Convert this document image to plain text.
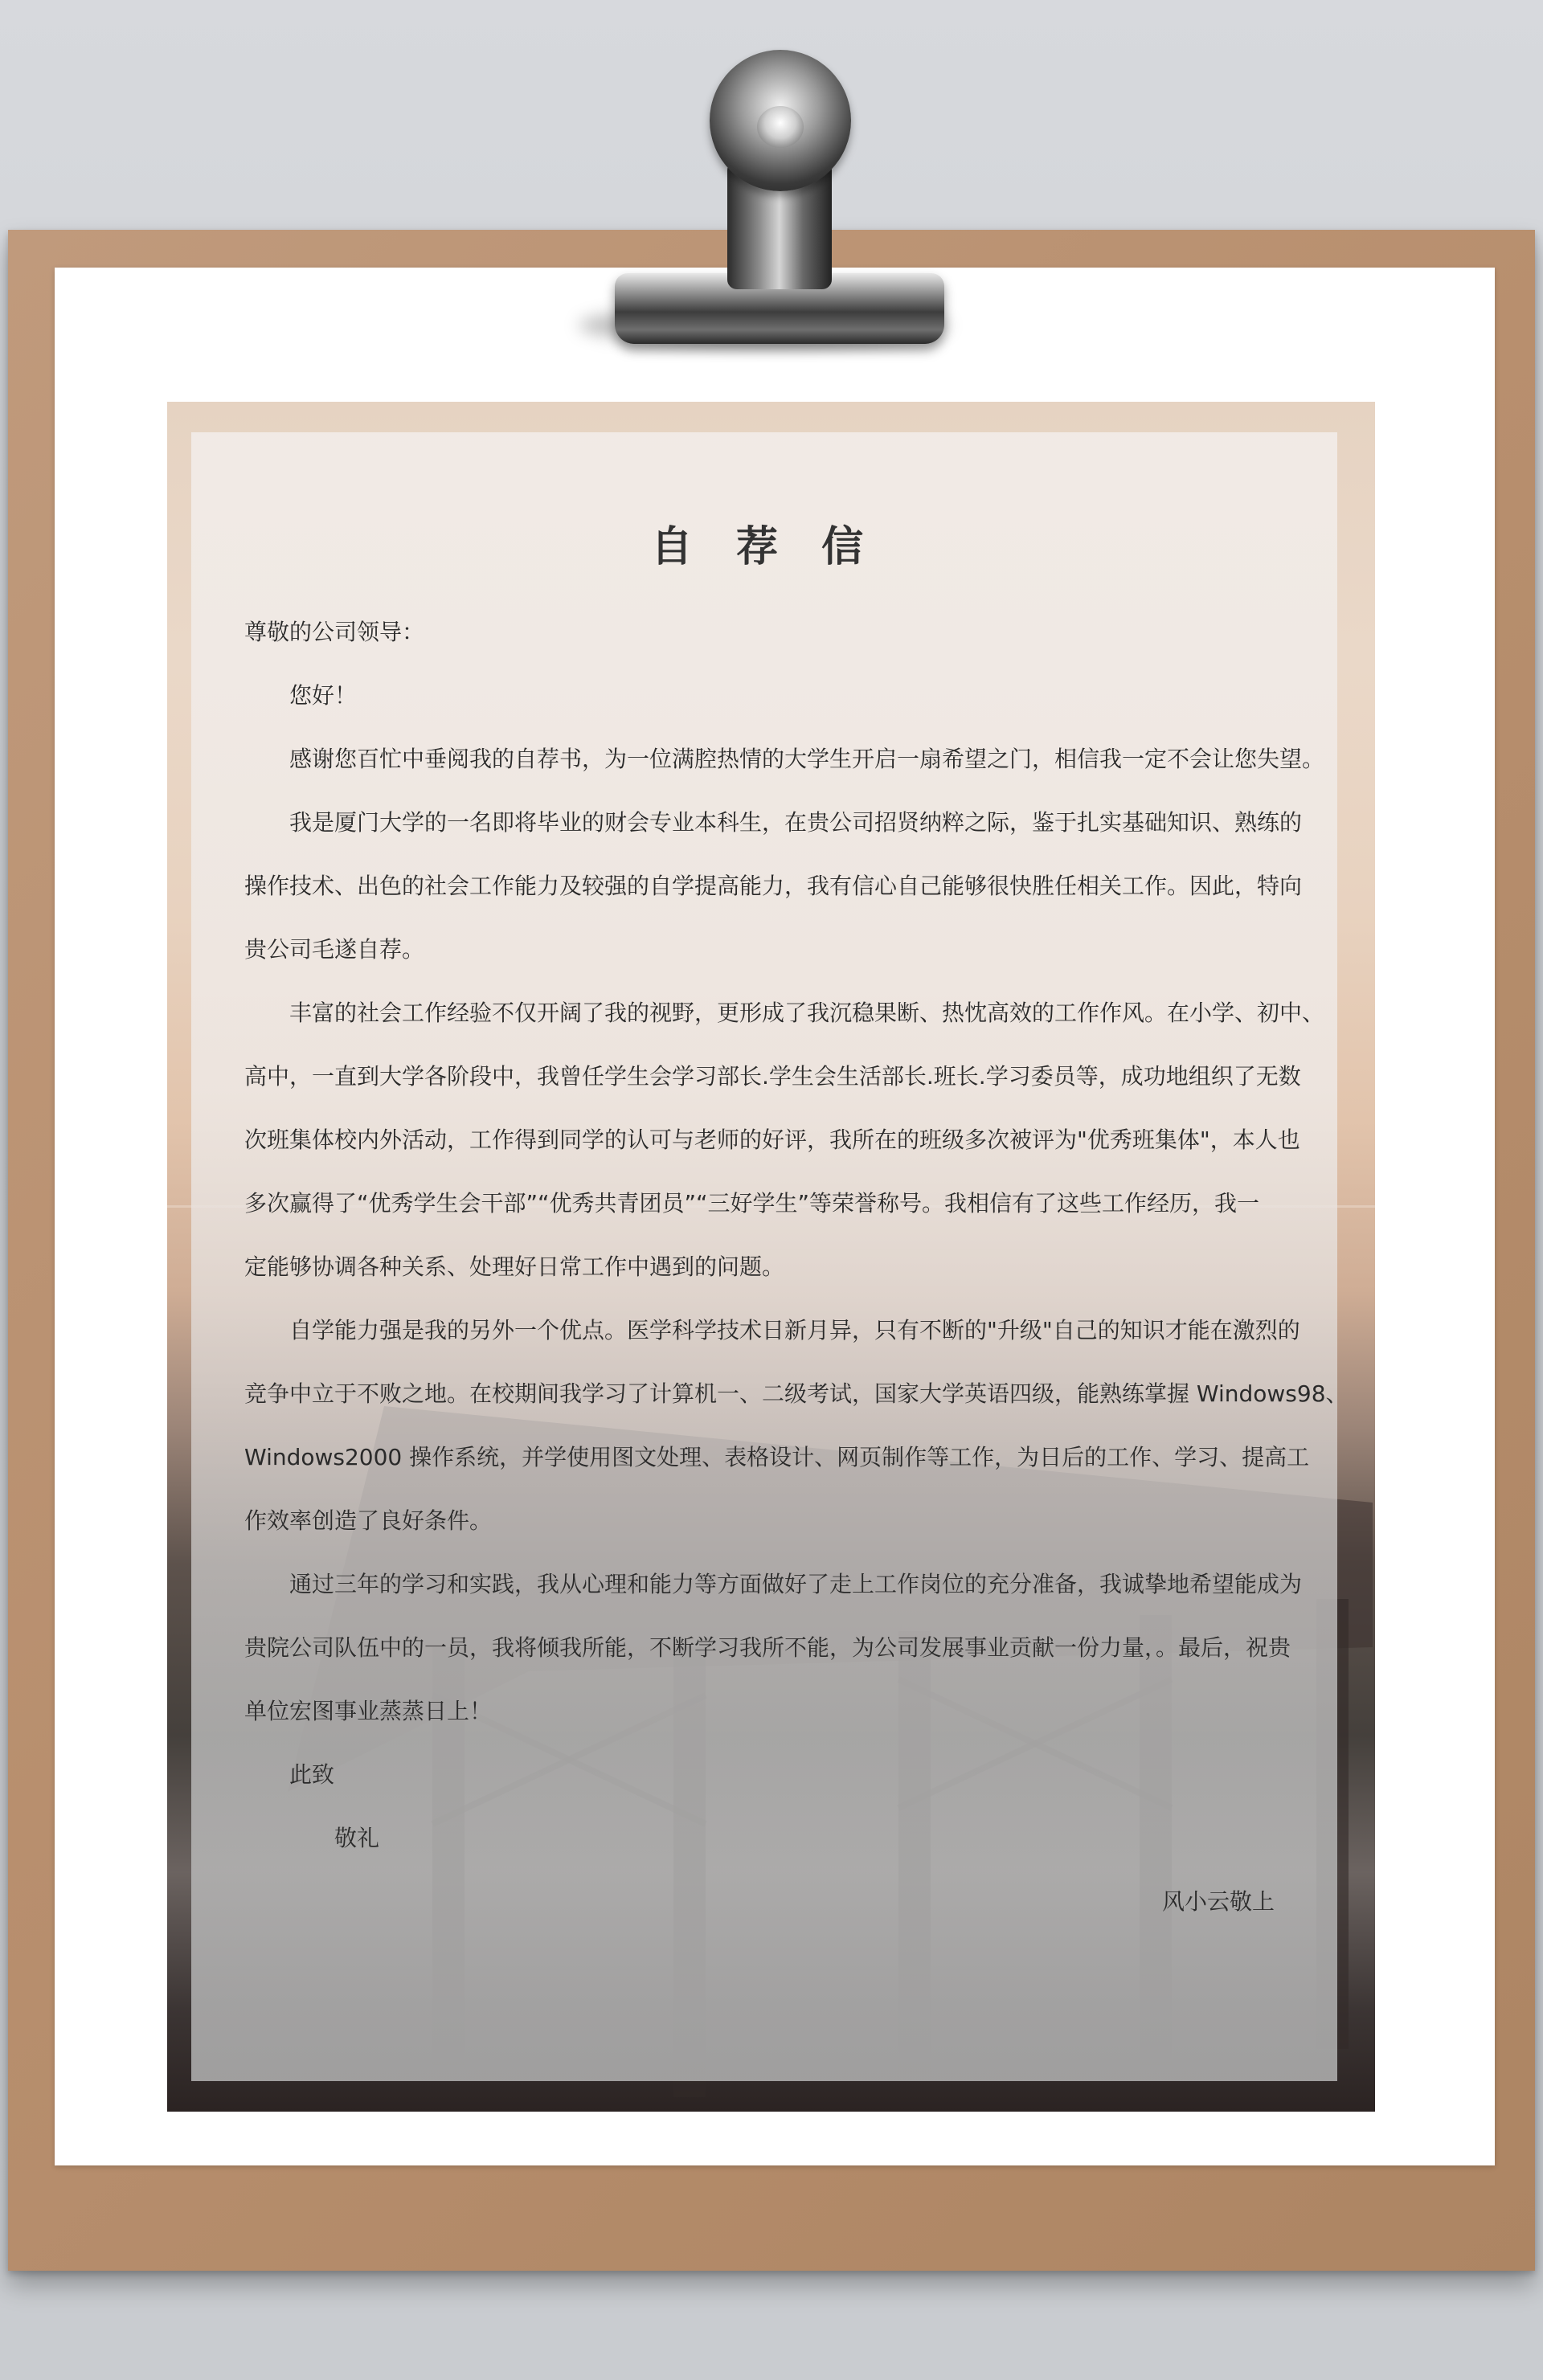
自 荐 信
尊敬的公司领导：
您好！
感谢您百忙中垂阅我的自荐书，为一位满腔热情的大学生开启一扇希望之门，相信我一定不会让您失望。
我是厦门大学的一名即将毕业的财会专业本科生，在贵公司招贤纳粹之际，鉴于扎实基础知识、熟练的
操作技术、出色的社会工作能力及较强的自学提高能力，我有信心自己能够很快胜任相关工作。因此，特向
贵公司毛遂自荐。
丰富的社会工作经验不仅开阔了我的视野，更形成了我沉稳果断、热忱高效的工作作风。在小学、初中、
高中，一直到大学各阶段中，我曾任学生会学习部长.学生会生活部长.班长.学习委员等，成功地组织了无数
次班集体校内外活动，工作得到同学的认可与老师的好评，我所在的班级多次被评为"优秀班集体"，本人也
多次赢得了“优秀学生会干部”“优秀共青团员”“三好学生”等荣誉称号。我相信有了这些工作经历，我一
定能够协调各种关系、处理好日常工作中遇到的问题。
自学能力强是我的另外一个优点。医学科学技术日新月异，只有不断的"升级"自己的知识才能在激烈的
竞争中立于不败之地。在校期间我学习了计算机一、二级考试，国家大学英语四级，能熟练掌握 Windows98、
Windows2000 操作系统，并学使用图文处理、表格设计、网页制作等工作，为日后的工作、学习、提高工
作效率创造了良好条件。
通过三年的学习和实践，我从心理和能力等方面做好了走上工作岗位的充分准备，我诚挚地希望能成为
贵院公司队伍中的一员，我将倾我所能，不断学习我所不能，为公司发展事业贡献一份力量，。最后，祝贵
单位宏图事业蒸蒸日上！
此致
敬礼
风小云敬上
